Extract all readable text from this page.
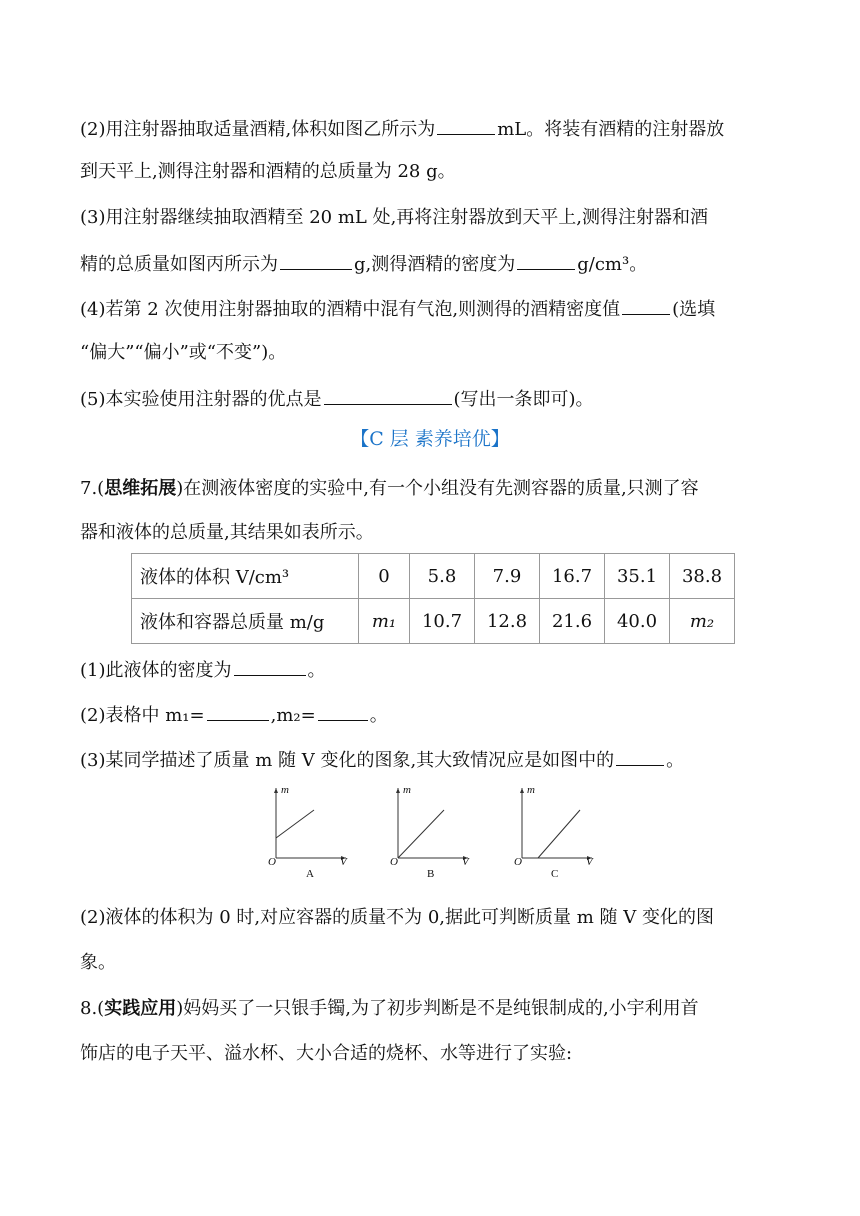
(2)用注射器抽取适量酒精,体积如图乙所示为	mL。将装有酒精的注射器放
到天平上,测得注射器和酒精的总质量为 28 g。
(3)用注射器继续抽取酒精至 20 mL 处,再将注射器放到天平上,测得注射器和酒
精的总质量如图丙所示为	g,测得酒精的密度为	g/cm³。
(4)若第 2 次使用注射器抽取的酒精中混有气泡,则测得的酒精密度值	(选填
“偏大”“偏小”或“不变”)。
(5)本实验使用注射器的优点是	(写出一条即可)。
【C 层 素养培优】
7.(思维拓展)在测液体密度的实验中,有一个小组没有先测容器的质量,只测了容
器和液体的总质量,其结果如表所示。
液体的体积 V/cm³	0	5.8	7.9	16.7	35.1	38.8
液体和容器总质量 m/g	m₁	10.7	12.8	21.6	40.0	m₂
(1)此液体的密度为	。
(2)表格中 m₁=	,m₂=	。
(3)某同学描述了质量 m 随 V 变化的图象,其大致情况应是如图中的	。
m
V
O
A
m
V
O
B
m
V
O
C
(2)液体的体积为 0 时,对应容器的质量不为 0,据此可判断质量 m 随 V 变化的图
象。
8.(实践应用)妈妈买了一只银手镯,为了初步判断是不是纯银制成的,小宇利用首
饰店的电子天平、溢水杯、大小合适的烧杯、水等进行了实验:
